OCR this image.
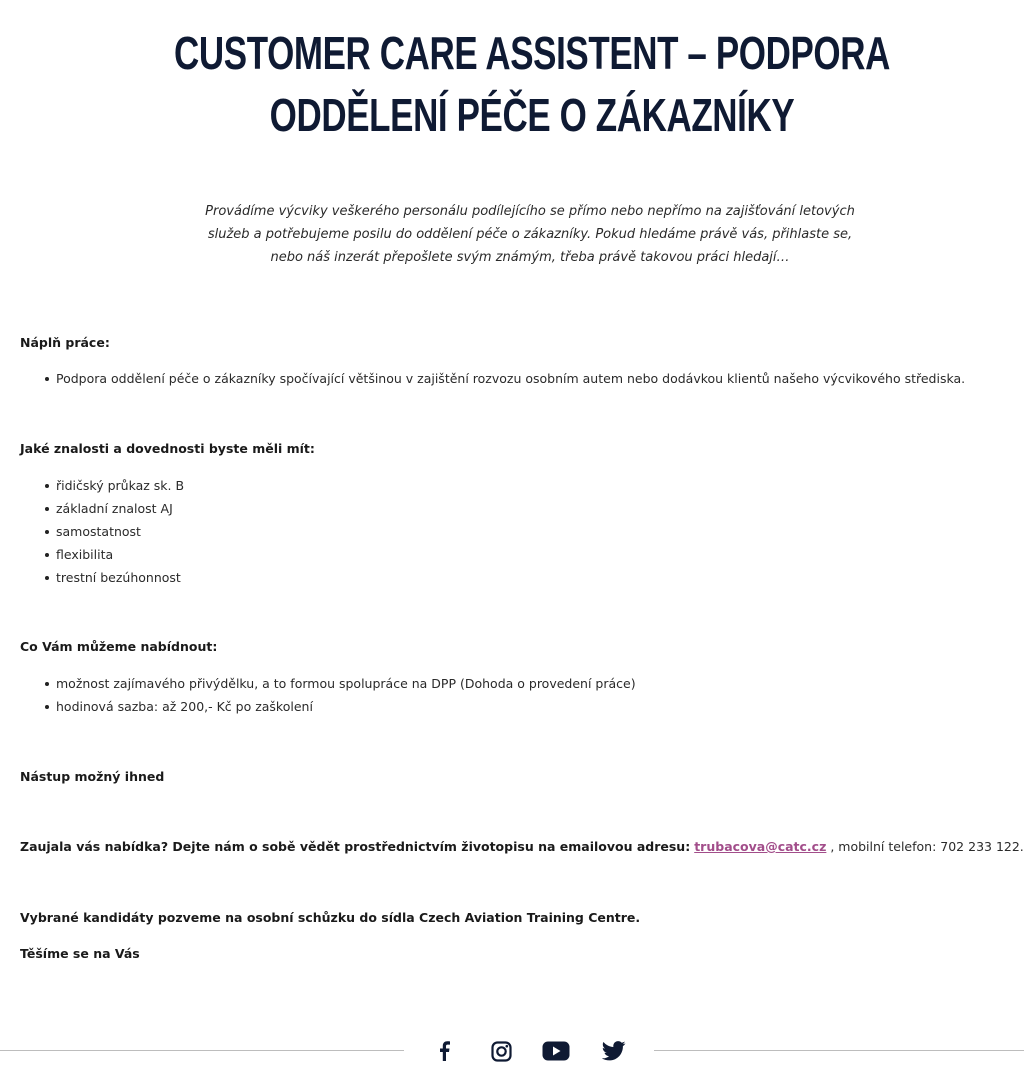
CUSTOMER CARE ASSISTENT – PODPORA ODDĚLENÍ PÉČE O ZÁKAZNÍKY

Provádíme výcviky veškerého personálu podílejícího se přímo nebo nepřímo na zajišťování letových služeb a potřebujeme posilu do oddělení péče o zákazníky. Pokud hledáme právě vás, přihlaste se, nebo náš inzerát přepošlete svým známým, třeba právě takovou práci hledají…

Náplň práce:

Podpora oddělení péče o zákazníky spočívající většinou v zajištění rozvozu osobním autem nebo dodávkou klientů našeho výcvikového střediska.

Jaké znalosti a dovednosti byste měli mít:

řidičský průkaz sk. B
základní znalost AJ
samostatnost
flexibilita
trestní bezúhonnost

Co Vám můžeme nabídnout:

možnost zajímavého přivýdělku, a to formou spolupráce na DPP (Dohoda o provedení práce)
hodinová sazba: až 200,- Kč po zaškolení

Nástup možný ihned

Zaujala vás nabídka? Dejte nám o sobě vědět prostřednictvím životopisu na emailovou adresu: trubacova@catc.cz , mobilní telefon: 702 233 122.

Vybrané kandidáty pozveme na osobní schůzku do sídla Czech Aviation Training Centre.

Těšíme se na Vás
